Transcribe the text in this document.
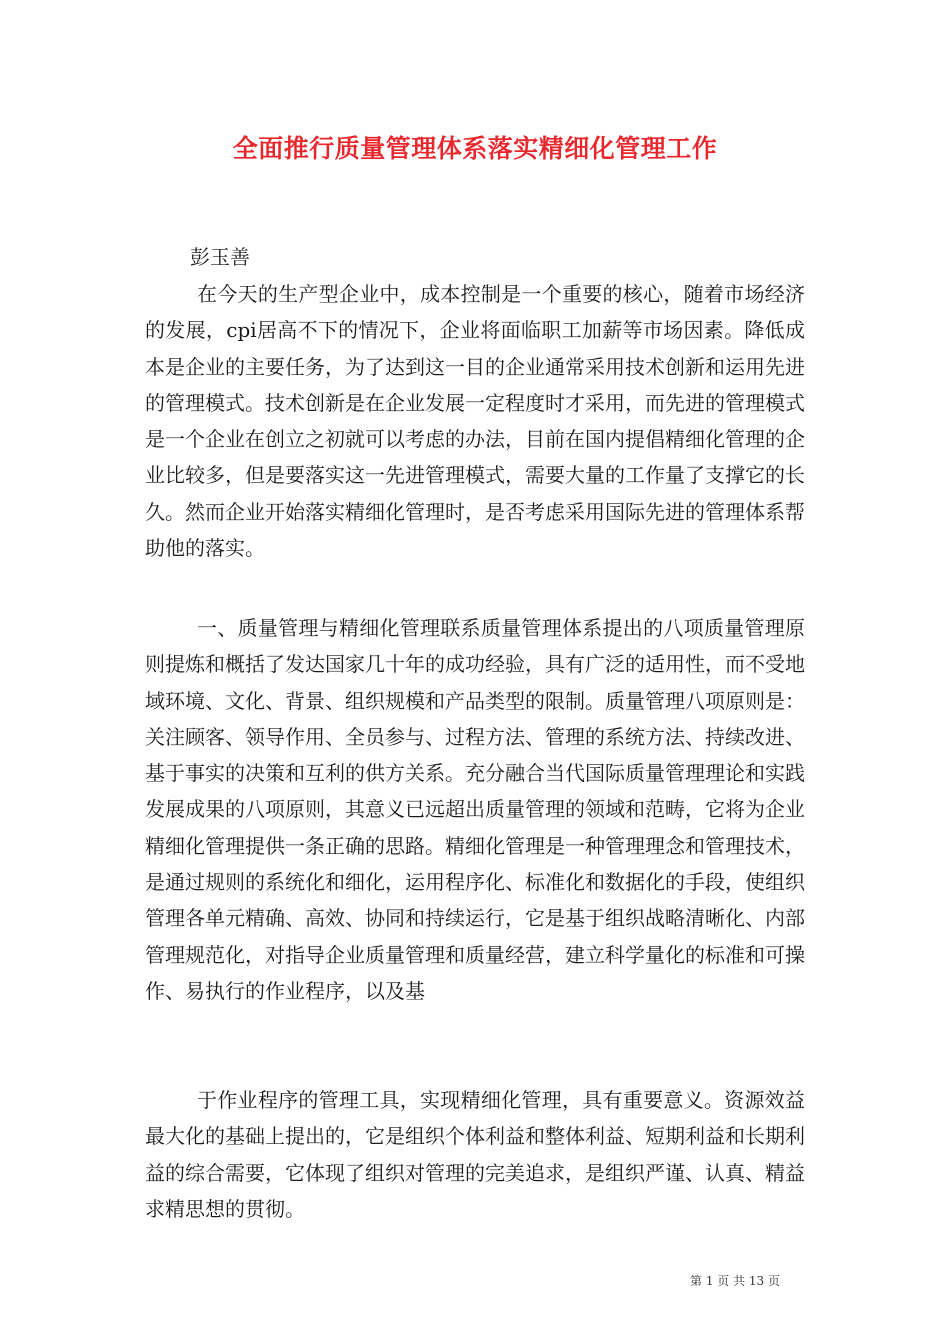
全面推行质量管理体系落实精细化管理工作

彭玉善

在今天的生产型企业中，成本控制是一个重要的核心，随着市场经济的发展，cpi居高不下的情况下，企业将面临职工加薪等市场因素。降低成本是企业的主要任务，为了达到这一目的企业通常采用技术创新和运用先进的管理模式。技术创新是在企业发展一定程度时才采用，而先进的管理模式是一个企业在创立之初就可以考虑的办法，目前在国内提倡精细化管理的企业比较多，但是要落实这一先进管理模式，需要大量的工作量了支撑它的长久。然而企业开始落实精细化管理时，是否考虑采用国际先进的管理体系帮助他的落实。

一、质量管理与精细化管理联系质量管理体系提出的八项质量管理原则提炼和概括了发达国家几十年的成功经验，具有广泛的适用性，而不受地域环境、文化、背景、组织规模和产品类型的限制。质量管理八项原则是：关注顾客、领导作用、全员参与、过程方法、管理的系统方法、持续改进、基于事实的决策和互利的供方关系。充分融合当代国际质量管理理论和实践发展成果的八项原则，其意义已远超出质量管理的领域和范畴，它将为企业精细化管理提供一条正确的思路。精细化管理是一种管理理念和管理技术，是通过规则的系统化和细化，运用程序化、标准化和数据化的手段，使组织管理各单元精确、高效、协同和持续运行，它是基于组织战略清晰化、内部管理规范化，对指导企业质量管理和质量经营，建立科学量化的标准和可操作、易执行的作业程序，以及基

于作业程序的管理工具，实现精细化管理，具有重要意义。资源效益最大化的基础上提出的，它是组织个体利益和整体利益、短期利益和长期利益的综合需要，它体现了组织对管理的完美追求，是组织严谨、认真、精益求精思想的贯彻。

第 1 页 共 13 页
